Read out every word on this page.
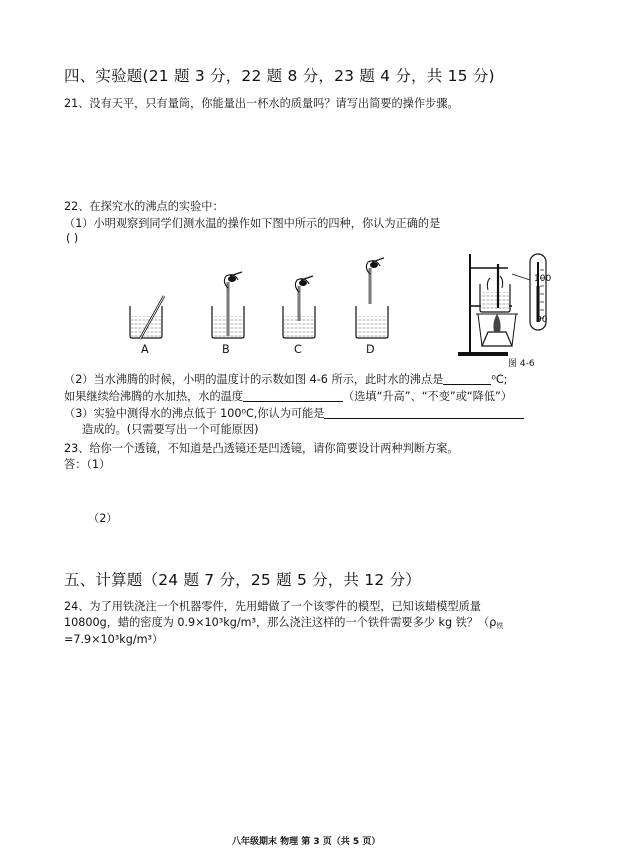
四、实验题(21 题 3 分，22 题 8 分，23 题 4 分，共 15 分)
21、没有天平，只有量筒，你能量出一杯水的质量吗？请写出简要的操作步骤。
22、在探究水的沸点的实验中：
（1）小明观察到同学们测水温的操作如下图中所示的四种，你认为正确的是
( )
100
90
A	B	C	D
图 4-6
（2）当水沸腾的时候，小明的温度计的示数如图 4-6 所示，此时水的沸点是	⁰C;
如果继续给沸腾的水加热，水的温度	（选填“升高”、“不变”或“降低”）
（3）实验中测得水的沸点低于 100⁰C,你认为可能是
造成的。(只需要写出一个可能原因)
23、给你一个透镜，不知道是凸透镜还是凹透镜，请你简要设计两种判断方案。
答：（1）
（2）
五、计算题（24 题 7 分，25 题 5 分，共 12 分）
24、为了用铁浇注一个机器零件，先用蜡做了一个该零件的模型，已知该蜡模型质量
10800g，蜡的密度为 0.9×10³kg/m³，那么浇注这样的一个铁件需要多少 kg 铁？（$\rho_铁$
=7.9×10³kg/m³）
八年级期末 物理 第 3 页（共 5 页）
